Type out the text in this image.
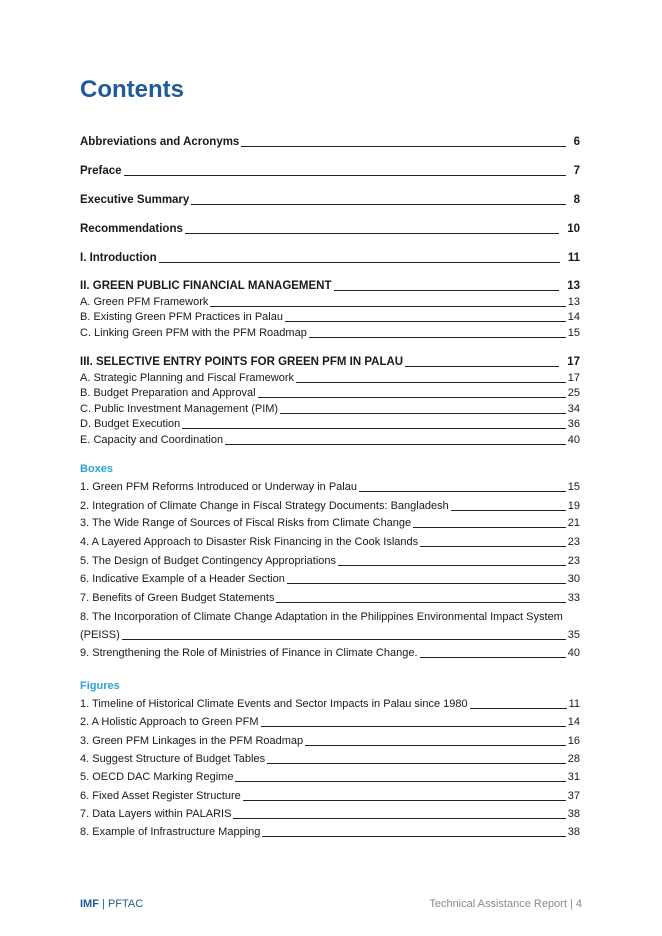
Contents
Abbreviations and Acronyms	6
Preface	7
Executive Summary	8
Recommendations	10
I. Introduction	11
II. GREEN PUBLIC FINANCIAL MANAGEMENT	13
A. Green PFM Framework	13
B. Existing Green PFM Practices in Palau	14
C. Linking Green PFM with the PFM Roadmap	15
III. SELECTIVE ENTRY POINTS FOR GREEN PFM IN PALAU	17
A. Strategic Planning and Fiscal Framework	17
B. Budget Preparation and Approval	25
C. Public Investment Management (PIM)	34
D. Budget Execution	36
E. Capacity and Coordination	40
Boxes
1. Green PFM Reforms Introduced or Underway in Palau	15
2. Integration of Climate Change in Fiscal Strategy Documents: Bangladesh	19
3. The Wide Range of Sources of Fiscal Risks from Climate Change	21
4. A Layered Approach to Disaster Risk Financing in the Cook Islands	23
5. The Design of Budget Contingency Appropriations	23
6. Indicative Example of a Header Section	30
7. Benefits of Green Budget Statements	33
8. The Incorporation of Climate Change Adaptation in the Philippines Environmental Impact System
(PEISS)	35
9. Strengthening the Role of Ministries of Finance in Climate Change.	40
Figures
1. Timeline of Historical Climate Events and Sector Impacts in Palau since 1980	11
2. A Holistic Approach to Green PFM	14
3. Green PFM Linkages in the PFM Roadmap	16
4. Suggest Structure of Budget Tables	28
5. OECD DAC Marking Regime	31
6. Fixed Asset Register Structure	37
7. Data Layers within PALARIS	38
8. Example of Infrastructure Mapping	38
IMF | PFTAC	Technical Assistance Report | 4
